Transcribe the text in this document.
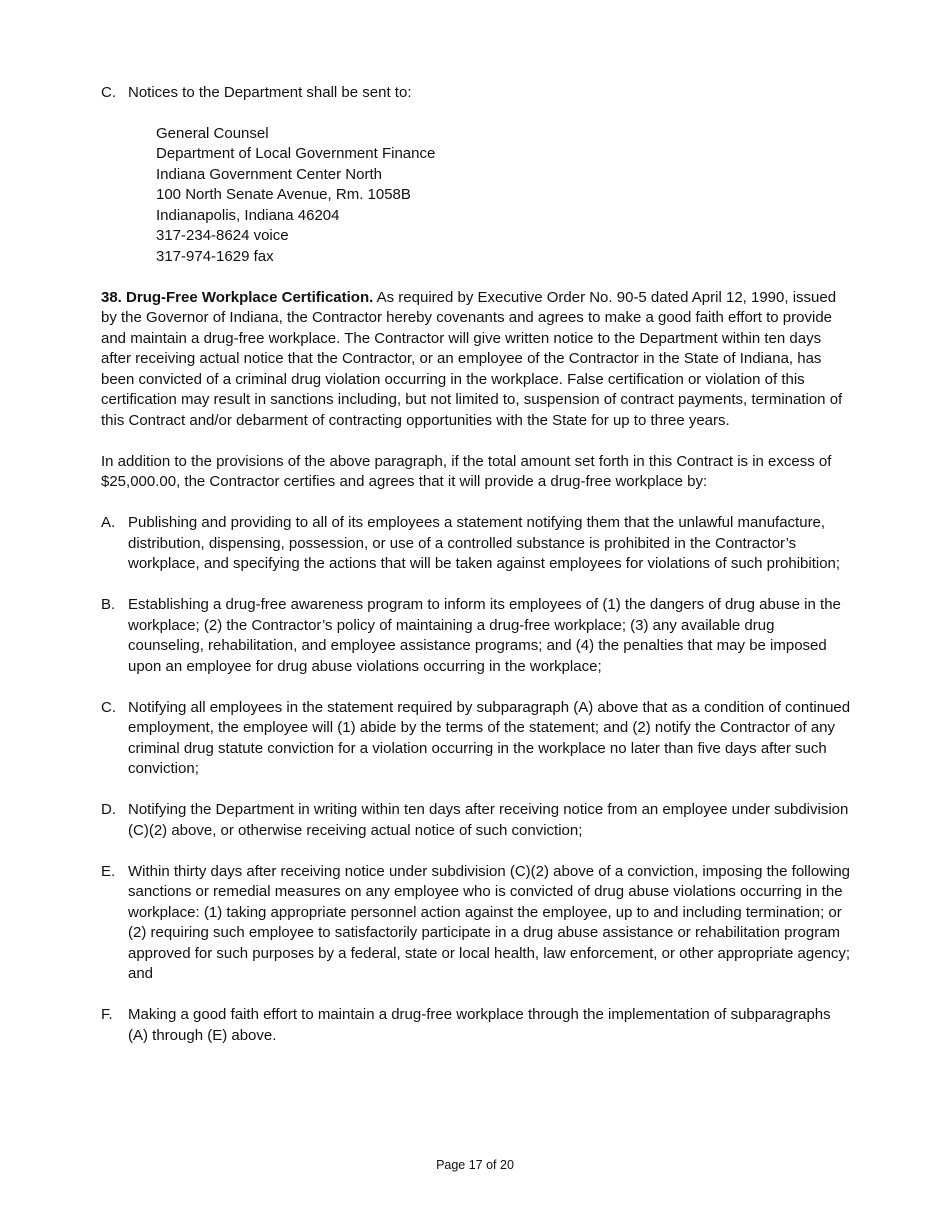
C. Notices to the Department shall be sent to:
General Counsel
Department of Local Government Finance
Indiana Government Center North
100 North Senate Avenue, Rm. 1058B
Indianapolis, Indiana 46204
317-234-8624 voice
317-974-1629 fax
38. Drug-Free Workplace Certification. As required by Executive Order No. 90-5 dated April 12, 1990, issued by the Governor of Indiana, the Contractor hereby covenants and agrees to make a good faith effort to provide and maintain a drug-free workplace. The Contractor will give written notice to the Department within ten days after receiving actual notice that the Contractor, or an employee of the Contractor in the State of Indiana, has been convicted of a criminal drug violation occurring in the workplace. False certification or violation of this certification may result in sanctions including, but not limited to, suspension of contract payments, termination of this Contract and/or debarment of contracting opportunities with the State for up to three years.
In addition to the provisions of the above paragraph, if the total amount set forth in this Contract is in excess of $25,000.00, the Contractor certifies and agrees that it will provide a drug-free workplace by:
A. Publishing and providing to all of its employees a statement notifying them that the unlawful manufacture, distribution, dispensing, possession, or use of a controlled substance is prohibited in the Contractor’s workplace, and specifying the actions that will be taken against employees for violations of such prohibition;
B. Establishing a drug-free awareness program to inform its employees of (1) the dangers of drug abuse in the workplace; (2) the Contractor’s policy of maintaining a drug-free workplace; (3) any available drug counseling, rehabilitation, and employee assistance programs; and (4) the penalties that may be imposed upon an employee for drug abuse violations occurring in the workplace;
C. Notifying all employees in the statement required by subparagraph (A) above that as a condition of continued employment, the employee will (1) abide by the terms of the statement; and (2) notify the Contractor of any criminal drug statute conviction for a violation occurring in the workplace no later than five days after such conviction;
D. Notifying the Department in writing within ten days after receiving notice from an employee under subdivision (C)(2) above, or otherwise receiving actual notice of such conviction;
E. Within thirty days after receiving notice under subdivision (C)(2) above of a conviction, imposing the following sanctions or remedial measures on any employee who is convicted of drug abuse violations occurring in the workplace: (1) taking appropriate personnel action against the employee, up to and including termination; or (2) requiring such employee to satisfactorily participate in a drug abuse assistance or rehabilitation program approved for such purposes by a federal, state or local health, law enforcement, or other appropriate agency; and
F. Making a good faith effort to maintain a drug-free workplace through the implementation of subparagraphs (A) through (E) above.
Page 17 of 20
